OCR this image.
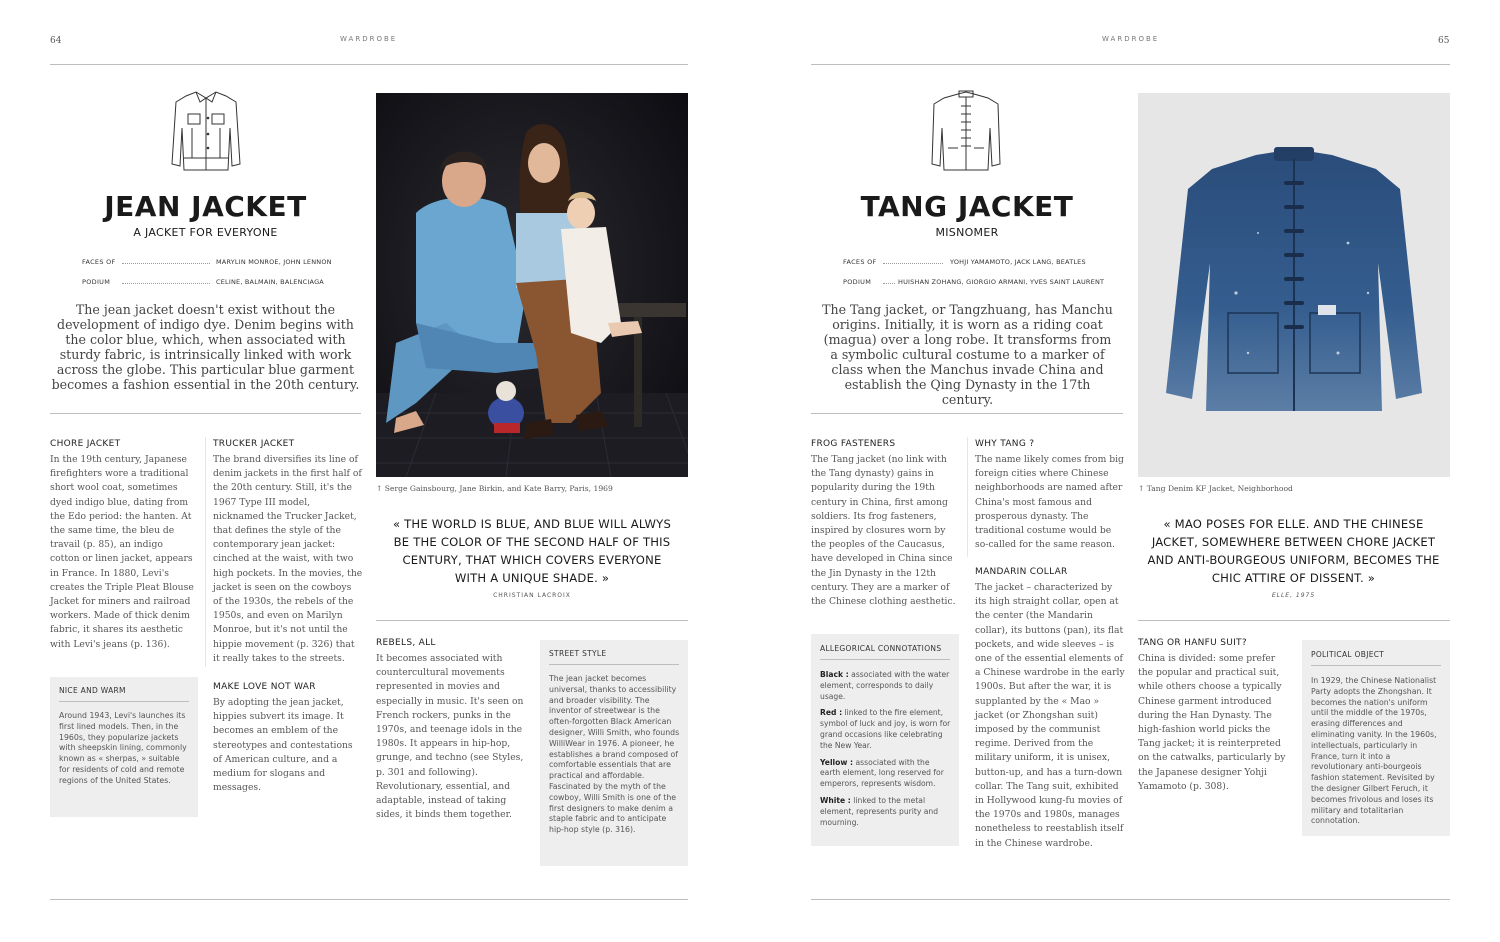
64	WARDROBE
JEAN JACKET
A JACKET FOR EVERYONE
FACES OF	MARYLIN MONROE, JOHN LENNON
PODIUM	CELINE, BALMAIN, BALENCIAGA
The jean jacket doesn't exist without the development of indigo dye. Denim begins with the color blue, which, when associated with sturdy fabric, is intrinsically linked with work across the globe. This particular blue garment becomes a fashion essential in the 20th century.
↑ Serge Gainsbourg, Jane Birkin, and Kate Barry, Paris, 1969
« THE WORLD IS BLUE, AND BLUE WILL ALWYS BE THE COLOR OF THE SECOND HALF OF THIS CENTURY, THAT WHICH COVERS EVERYONE WITH A UNIQUE SHADE. »
CHRISTIAN LACROIX
CHORE JACKET
In the 19th century, Japanese firefighters wore a traditional short wool coat, sometimes dyed indigo blue, dating from the Edo period: the hanten. At the same time, the bleu de travail (p. 85), an indigo cotton or linen jacket, appears in France. In 1880, Levi's creates the Triple Pleat Blouse Jacket for miners and railroad workers. Made of thick denim fabric, it shares its aesthetic with Levi's jeans (p. 136).
NICE AND WARM
Around 1943, Levi's launches its first lined models. Then, in the 1960s, they popularize jackets with sheepskin lining, commonly known as « sherpas, » suitable for residents of cold and remote regions of the United States.
TRUCKER JACKET
The brand diversifies its line of denim jackets in the first half of the 20th century. Still, it's the 1967 Type III model, nicknamed the Trucker Jacket, that defines the style of the contemporary jean jacket: cinched at the waist, with two high pockets. In the movies, the jacket is seen on the cowboys of the 1930s, the rebels of the 1950s, and even on Marilyn Monroe, but it's not until the hippie movement (p. 326) that it really takes to the streets.
MAKE LOVE NOT WAR
By adopting the jean jacket, hippies subvert its image. It becomes an emblem of the stereotypes and contestations of American culture, and a medium for slogans and messages.
REBELS, ALL
It becomes associated with countercultural movements represented in movies and especially in music. It's seen on French rockers, punks in the 1970s, and teenage idols in the 1980s. It appears in hip-hop, grunge, and techno (see Styles, p. 301 and following). Revolutionary, essential, and adaptable, instead of taking sides, it binds them together.
STREET STYLE
The jean jacket becomes universal, thanks to accessibility and broader visibility. The inventor of streetwear is the often-forgotten Black American designer, Willi Smith, who founds WilliWear in 1976. A pioneer, he establishes a brand composed of comfortable essentials that are practical and affordable. Fascinated by the myth of the cowboy, Willi Smith is one of the first designers to make denim a staple fabric and to anticipate hip-hop style (p. 316).
WARDROBE	65
TANG JACKET
MISNOMER
FACES OF	YOHJI YAMAMOTO, JACK LANG, BEATLES
PODIUM	HUISHAN ZOHANG, GIORGIO ARMANI, YVES SAINT LAURENT
The Tang jacket, or Tangzhuang, has Manchu origins. Initially, it is worn as a riding coat (magua) over a long robe. It transforms from a symbolic cultural costume to a marker of class when the Manchus invade China and establish the Qing Dynasty in the 17th century.
↑ Tang Denim KF Jacket, Neighborhood
« MAO POSES FOR ELLE. AND THE CHINESE JACKET, SOMEWHERE BETWEEN CHORE JACKET AND ANTI-BOURGEOUS UNIFORM, BECOMES THE CHIC ATTIRE OF DISSENT. »
ELLE, 1975
FROG FASTENERS
The Tang jacket (no link with the Tang dynasty) gains in popularity during the 19th century in China, first among soldiers. Its frog fasteners, inspired by closures worn by the peoples of the Caucasus, have developed in China since the Jin Dynasty in the 12th century. They are a marker of the Chinese clothing aesthetic.
ALLEGORICAL CONNOTATIONS

Black : associated with the water element, corresponds to daily usage.

Red : linked to the fire element, symbol of luck and joy, is worn for grand occasions like celebrating the New Year.

Yellow : associated with the earth element, long reserved for emperors, represents wisdom.

White : linked to the metal element, represents purity and mourning.

WHY TANG ?
The name likely comes from big foreign cities where Chinese neighborhoods are named after China's most famous and prosperous dynasty. The traditional costume would be so-called for the same reason.
MANDARIN COLLAR
The jacket – characterized by its high straight collar, open at the center (the Mandarin collar), its buttons (pan), its flat pockets, and wide sleeves – is one of the essential elements of a Chinese wardrobe in the early 1900s. But after the war, it is supplanted by the « Mao » jacket (or Zhongshan suit) imposed by the communist regime. Derived from the military uniform, it is unisex, button-up, and has a turn-down collar. The Tang suit, exhibited in Hollywood kung-fu movies of the 1970s and 1980s, manages nonetheless to reestablish itself in the Chinese wardrobe.
TANG OR HANFU SUIT?
China is divided: some prefer the popular and practical suit, while others choose a typically Chinese garment introduced during the Han Dynasty. The high-fashion world picks the Tang jacket; it is reinterpreted on the catwalks, particularly by the Japanese designer Yohji Yamamoto (p. 308).
POLITICAL OBJECT
In 1929, the Chinese Nationalist Party adopts the Zhongshan. It becomes the nation's uniform until the middle of the 1970s, erasing differences and eliminating vanity. In the 1960s, intellectuals, particularly in France, turn it into a revolutionary anti-bourgeois fashion statement. Revisited by the designer Gilbert Feruch, it becomes frivolous and loses its military and totalitarian connotation.
